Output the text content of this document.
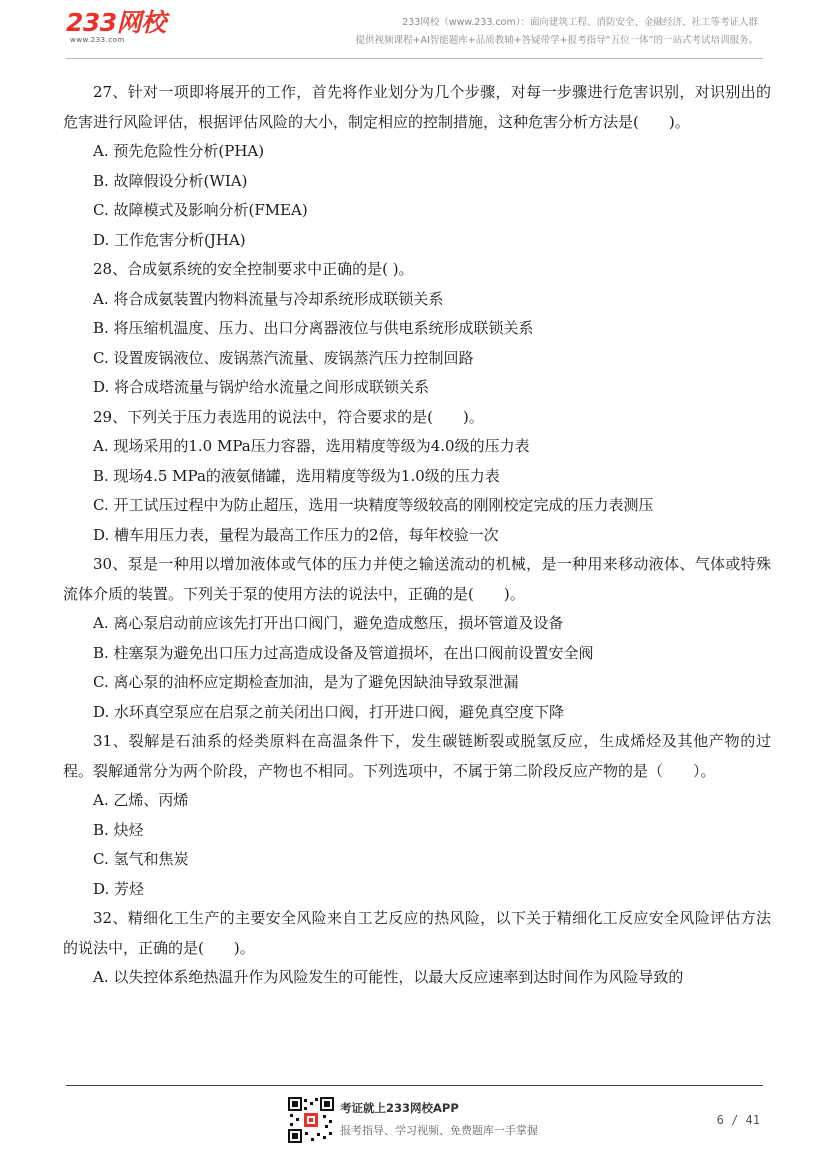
233网校
www.233.com
233网校（www.233.com）：面向建筑工程、消防安全、金融经济、社工等考证人群
提供视频课程+AI智能题库+品质教辅+答疑带学+报考指导“五位一体”的一站式考试培训服务。

27、针对一项即将展开的工作，首先将作业划分为几个步骤，对每一步骤进行危害识别，对识别出的危害进行风险评估，根据评估风险的大小，制定相应的控制措施，这种危害分析方法是(　　)。

A. 预先危险性分析(PHA)

B. 故障假设分析(WIA)

C. 故障模式及影响分析(FMEA)

D. 工作危害分析(JHA)

28、合成氨系统的安全控制要求中正确的是( )。

A. 将合成氨装置内物料流量与冷却系统形成联锁关系

B. 将压缩机温度、压力、出口分离器液位与供电系统形成联锁关系

C. 设置废锅液位、废锅蒸汽流量、废锅蒸汽压力控制回路

D. 将合成塔流量与锅炉给水流量之间形成联锁关系

29、下列关于压力表选用的说法中，符合要求的是(　　)。

A. 现场采用的1.0 MPa压力容器，选用精度等级为4.0级的压力表

B. 现场4.5 MPa的液氨储罐，选用精度等级为1.0级的压力表

C. 开工试压过程中为防止超压，选用一块精度等级较高的刚刚校定完成的压力表测压

D. 槽车用压力表，量程为最高工作压力的2倍，每年校验一次

30、泵是一种用以增加液体或气体的压力并使之输送流动的机械，是一种用来移动液体、气体或特殊流体介质的装置。下列关于泵的使用方法的说法中，正确的是(　　)。

A. 离心泵启动前应该先打开出口阀门，避免造成憋压，损坏管道及设备

B. 柱塞泵为避免出口压力过高造成设备及管道损坏，在出口阀前设置安全阀

C. 离心泵的油杯应定期检查加油，是为了避免因缺油导致泵泄漏

D. 水环真空泵应在启泵之前关闭出口阀，打开进口阀，避免真空度下降

31、裂解是石油系的烃类原料在高温条件下，发生碳链断裂或脱氢反应，生成烯烃及其他产物的过程。裂解通常分为两个阶段，产物也不相同。下列选项中，不属于第二阶段反应产物的是（　　）。

A. 乙烯、丙烯

B. 炔烃

C. 氢气和焦炭

D. 芳烃

32、精细化工生产的主要安全风险来自工艺反应的热风险，以下关于精细化工反应安全风险评估方法的说法中，正确的是(　　)。

A. 以失控体系绝热温升作为风险发生的可能性，以最大反应速率到达时间作为风险导致的

考证就上233网校APP
报考指导、学习视频、免费题库一手掌握
6 / 41
